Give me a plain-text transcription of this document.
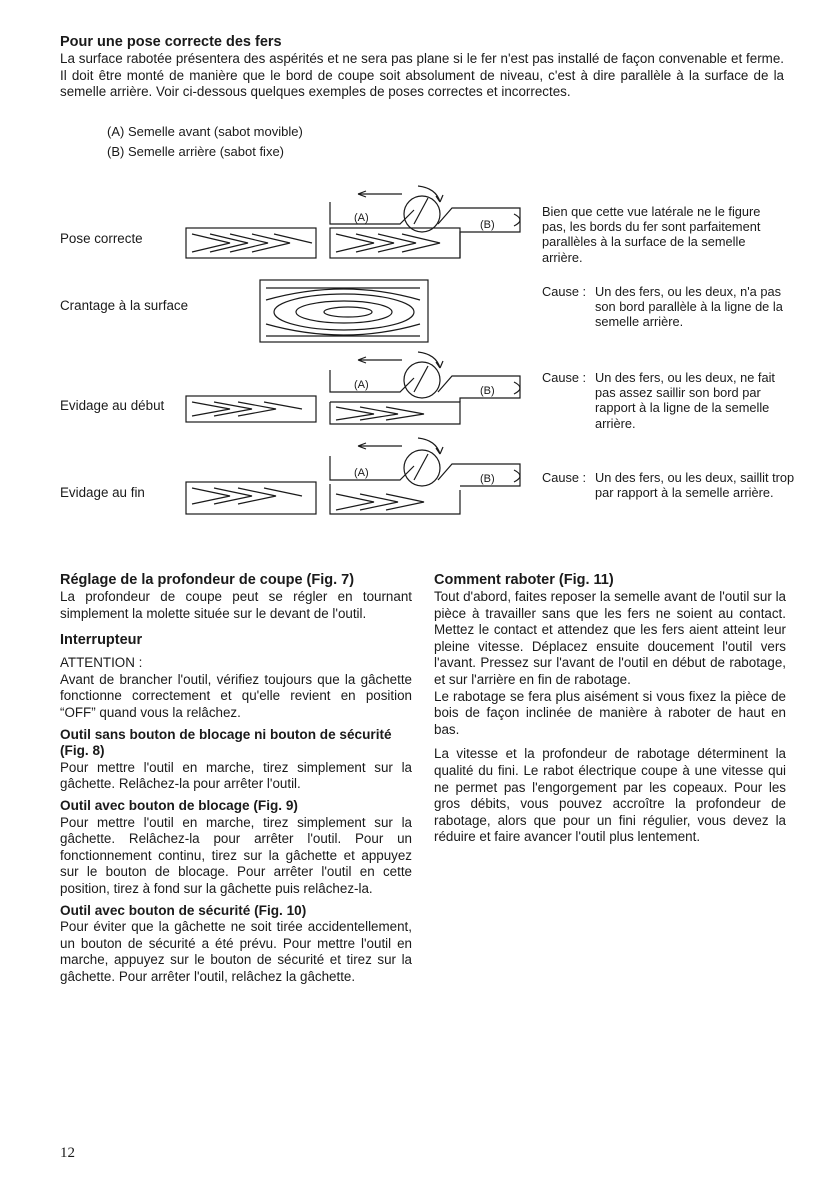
Pour une pose correcte des fers
La surface rabotée présentera des aspérités et ne sera pas plane si le fer n'est pas installé de façon convenable et ferme. Il doit être monté de manière que le bord de coupe soit absolument de niveau, c'est à dire parallèle à la surface de la semelle arrière. Voir ci-dessous quelques exemples de poses correctes et incorrectes.
(A) Semelle avant (sabot movible)
(B) Semelle arrière (sabot fixe)
Pose correcte
Crantage à la surface
Evidage au début
Evidage au fin
(A)
(B)
(A)	(B)
(A)	(B)
Bien que cette vue latérale ne le figure pas, les bords du fer sont parfaitement parallèles à la surface de la semelle arrière.
Cause : Un des fers, ou les deux, n'a pas son bord parallèle à la ligne de la semelle arrière.
Cause : Un des fers, ou les deux, ne fait pas assez saillir son bord par rapport à la ligne de la semelle arrière.
Cause : Un des fers, ou les deux, saillit trop par rapport à la semelle arrière.
Réglage de la profondeur de coupe (Fig. 7)
La profondeur de coupe peut se régler en tournant simplement la molette située sur le devant de l'outil.
Interrupteur
ATTENTION :
Avant de brancher l'outil, vérifiez toujours que la gâchette fonctionne correctement et qu'elle revient en position “OFF” quand vous la relâchez.
Outil sans bouton de blocage ni bouton de sécurité (Fig. 8)
Pour mettre l'outil en marche, tirez simplement sur la gâchette. Relâchez-la pour arrêter l'outil.
Outil avec bouton de blocage (Fig. 9)
Pour mettre l'outil en marche, tirez simplement sur la gâchette. Relâchez-la pour arrêter l'outil. Pour un fonctionnement continu, tirez sur la gâchette et appuyez sur le bouton de blocage. Pour arrêter l'outil en cette position, tirez à fond sur la gâchette puis relâchez-la.
Outil avec bouton de sécurité (Fig. 10)
Pour éviter que la gâchette ne soit tirée accidentellement, un bouton de sécurité a été prévu. Pour mettre l'outil en marche, appuyez sur le bouton de sécurité et tirez sur la gâchette. Pour arrêter l'outil, relâchez la gâchette.
Comment raboter (Fig. 11)
Tout d'abord, faites reposer la semelle avant de l'outil sur la pièce à travailler sans que les fers ne soient au contact. Mettez le contact et attendez que les fers aient atteint leur pleine vitesse. Déplacez ensuite doucement l'outil vers l'avant. Pressez sur l'avant de l'outil en début de rabotage, et sur l'arrière en fin de rabotage.
Le rabotage se fera plus aisément si vous fixez la pièce de bois de façon inclinée de manière à raboter de haut en bas.
La vitesse et la profondeur de rabotage déterminent la qualité du fini. Le rabot électrique coupe à une vitesse qui ne permet pas l'engorgement par les copeaux. Pour les gros débits, vous pouvez accroître la profondeur de rabotage, alors que pour un fini régulier, vous devez la réduire et faire avancer l'outil plus lentement.
12
